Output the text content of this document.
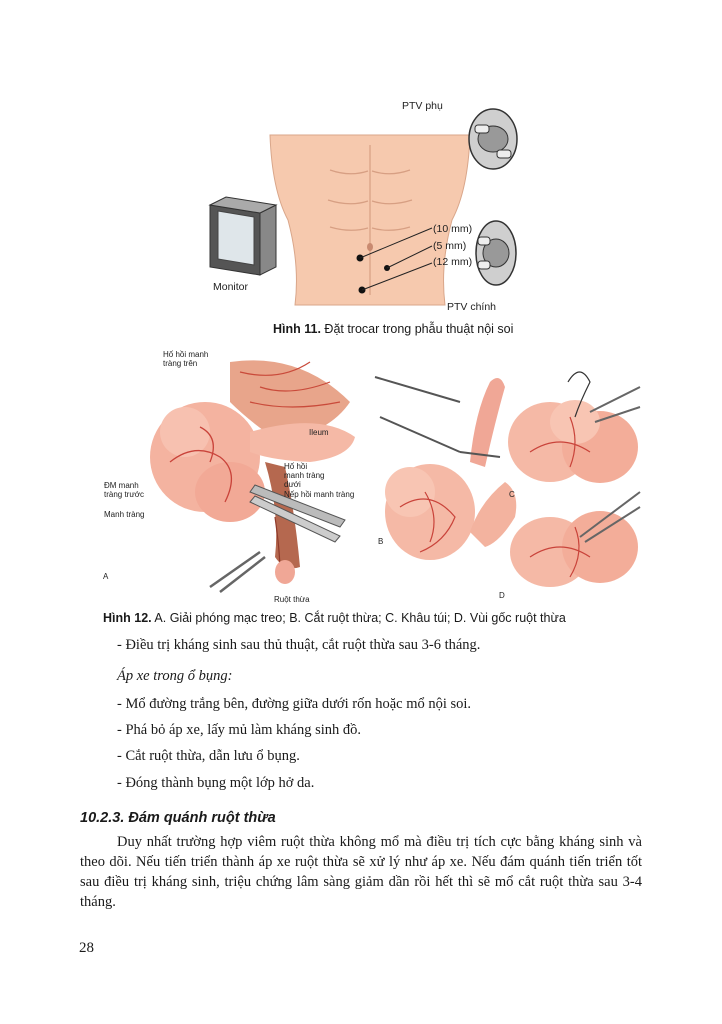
PTV phụ
Monitor
(10 mm)
(5 mm)
(12 mm)
PTV chính
Hình 11. Đặt trocar trong phẫu thuật nội soi
Hố hồi manh
tràng trên
Ileum
ĐM manh
tràng trước
Manh tràng
Hố hồi
manh tràng
dưới
Nếp hồi manh tràng
Ruột thừa
A
B
C
D
Hình 12. A. Giải phóng mạc treo; B. Cắt ruột thừa; C. Khâu túi; D. Vùi gốc ruột thừa
- Điều trị kháng sinh sau thủ thuật, cắt ruột thừa sau 3-6 tháng.
Áp xe trong ổ bụng:
- Mổ đường trắng bên, đường giữa dưới rốn hoặc mổ nội soi.
- Phá bỏ áp xe, lấy mủ làm kháng sinh đồ.
- Cắt ruột thừa, dẫn lưu ổ bụng.
- Đóng thành bụng một lớp hở da.
10.2.3. Đám quánh ruột thừa
Duy nhất trường hợp viêm ruột thừa không mổ mà điều trị tích cực bằng kháng sinh và theo dõi. Nếu tiến triển thành áp xe ruột thừa sẽ xử lý như áp xe. Nếu đám quánh tiến triển tốt sau điều trị kháng sinh, triệu chứng lâm sàng giảm dần rồi hết thì sẽ mổ cắt ruột thừa sau 3-4 tháng.
28
